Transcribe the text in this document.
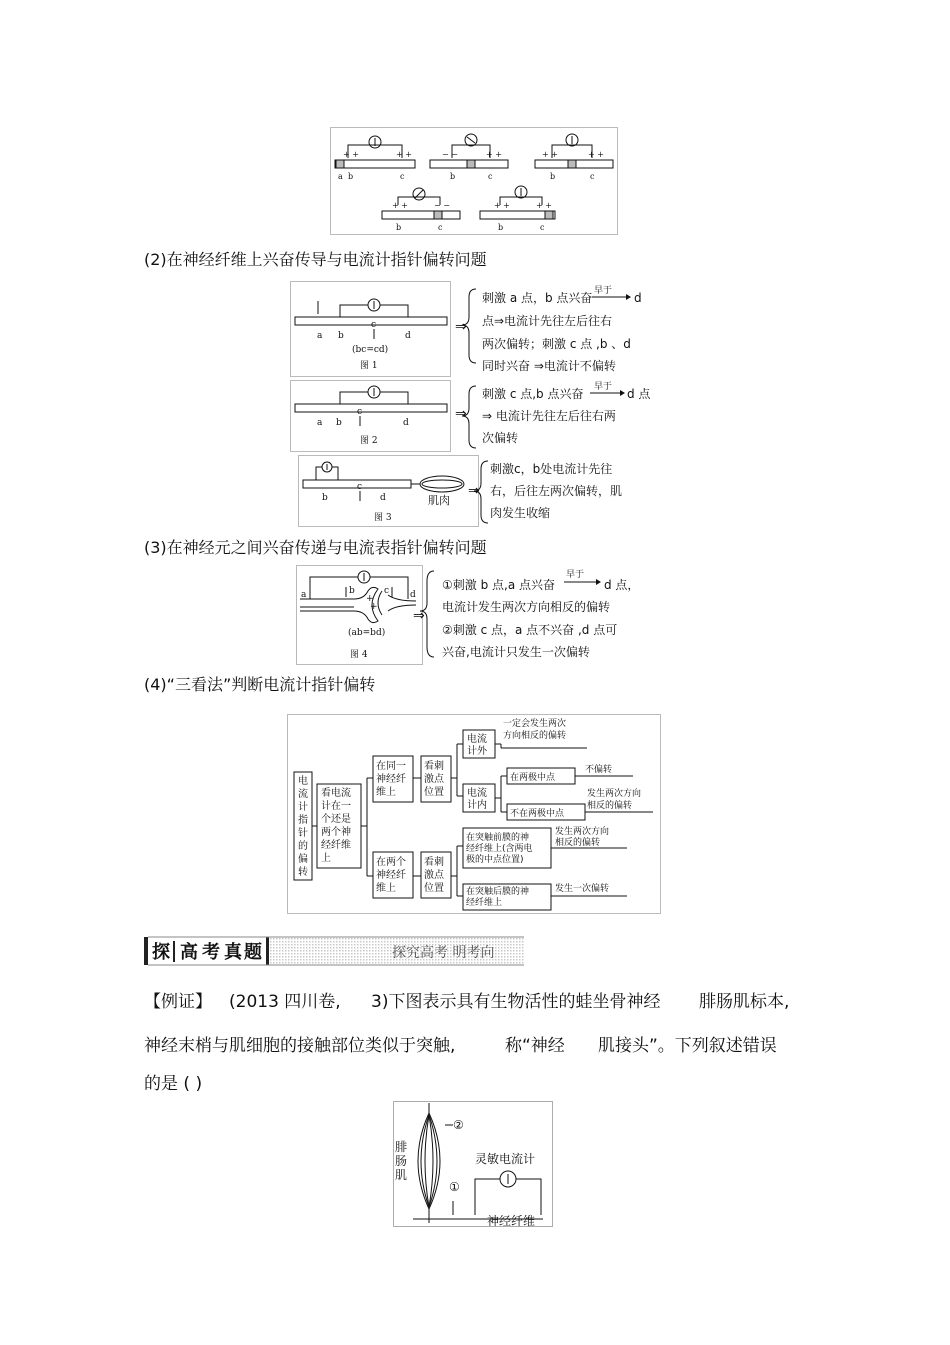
+ +	+ +	− −	+ +	+ +	+ +
+ +	− −	+ +	+ +
a b	c	b	c	b	c
b	c	b	c
(2)在神经纤维上兴奋传导与电流计指针偏转问题
a b
c
d
(bc=cd)
图 1
⇒
刺激 a 点，b 点兴奋 早于 d
点⇒电流计先往左后往右
两次偏转；刺激 c 点 ,b 、d
同时兴奋 ⇒电流计不偏转
a b
c
d
图 2
⇒
刺激 c 点,b 点兴奋 早于 d 点
⇒ 电流计先往左后往右两
次偏转
b
c
d
图 3
肌肉
⇒
刺激c，b处电流计先往
右，后往左两次偏转，肌
肉发生收缩
(3)在神经元之间兴奋传递与电流表指针偏转问题
a	b	c d
+
+
(ab=bd)
图 4
⇒
①刺激 b 点,a 点兴奋
早于
d 点，
电流计发生两次方向相反的偏转
②刺激 c 点，a 点不兴奋 ,d 点可
兴奋,电流计只发生一次偏转
(4)“三看法”判断电流计指针偏转
电
流
计
指
针
的
偏
转
看电流
计在一
个还是
两个神
经纤维
上
在同一
神经纤
维上
在两个
神经纤
维上
看刺
激点
位置
看刺
激点
位置
电流
计外
电流
计内
一定会发生两次
方向相反的偏转
在两极中点
不偏转
不在两极中点
发生两次方向
相反的偏转
在突触前膜的神
经纤维上(含两电
极的中点位置)
发生两次方向
相反的偏转
在突触后膜的神
经纤维上
发生一次偏转
探 高 考 真 题	探究高考 明考向
【例证】 (2013 四川卷, 3)下图表示具有生物活性的蛙坐骨神经 腓肠肌标本,
神经末梢与肌细胞的接触部位类似于突触,	称“神经 肌接头”。下列叙述错误
的是 ( )
腓
肠
肌
②
①
灵敏电流计
神经纤维
